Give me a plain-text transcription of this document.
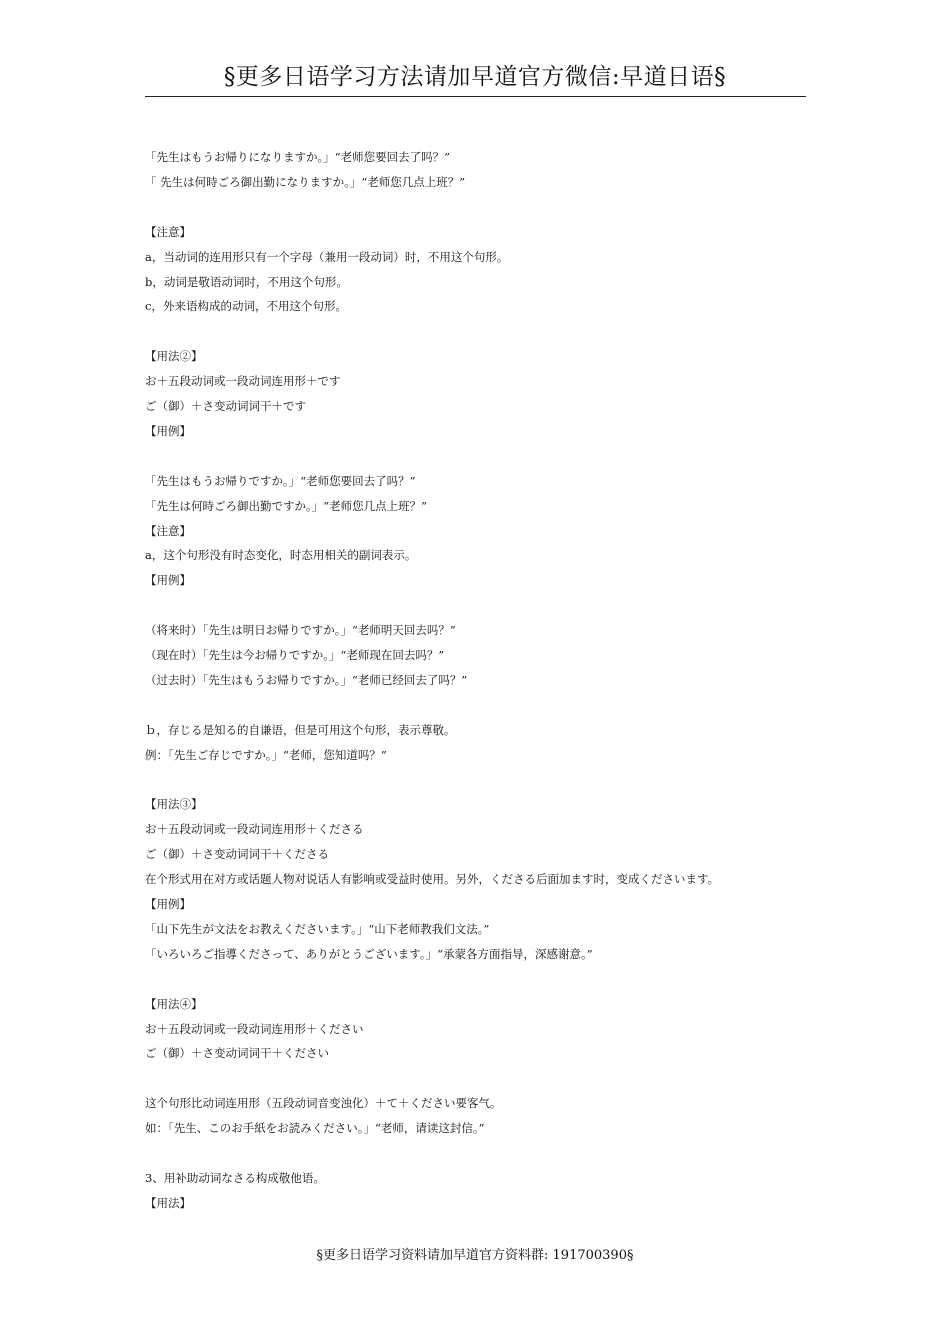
§更多日语学习方法请加早道官方微信:早道日语§
「先生はもうお帰りになりますか。」“老师您要回去了吗？”
「 先生は何時ごろ御出勤になりますか。」“老师您几点上班？”
【注意】
a，当动词的连用形只有一个字母（兼用一段动词）时，不用这个句形。
b，动词是敬语动词时，不用这个句形。
c，外来语构成的动词，不用这个句形。
【用法②】
お＋五段动词或一段动词连用形＋です
ご（御）＋さ变动词词干＋です
【用例】
「先生はもうお帰りですか。」“老师您要回去了吗？”
「先生は何時ごろ御出勤ですか。」“老师您几点上班？”
【注意】
a，这个句形没有时态变化，时态用相关的副词表示。
【用例】
（将来时）「先生は明日お帰りですか。」“老师明天回去吗？”
（现在时）「先生は今お帰りですか。」“老师现在回去吗？”
（过去时）「先生はもうお帰りですか。」“老师已经回去了吗？”
ｂ，存じる是知る的自谦语，但是可用这个句形，表示尊敬。
例：「先生ご存じですか。」“老师，您知道吗？”
【用法③】
お＋五段动词或一段动词连用形＋くださる
ご（御）＋さ变动词词干＋くださる
在个形式用在对方或话题人物对说话人有影响或受益时使用。另外，くださる后面加ます时，变成くださいます。
【用例】
「山下先生が文法をお教えくださいます。」“山下老师教我们文法。”
「いろいろご指導くださって、ありがとうございます。」“承蒙各方面指导，深感谢意。”
【用法④】
お＋五段动词或一段动词连用形＋ください
ご（御）＋さ变动词词干＋ください
这个句形比动词连用形（五段动词音变浊化）＋て＋ください要客气。
如：「先生、このお手紙をお読みください。」“老师，请读这封信。”
3、用补助动词なさる构成敬他语。
【用法】
§更多日语学习资料请加早道官方资料群: 191700390§
